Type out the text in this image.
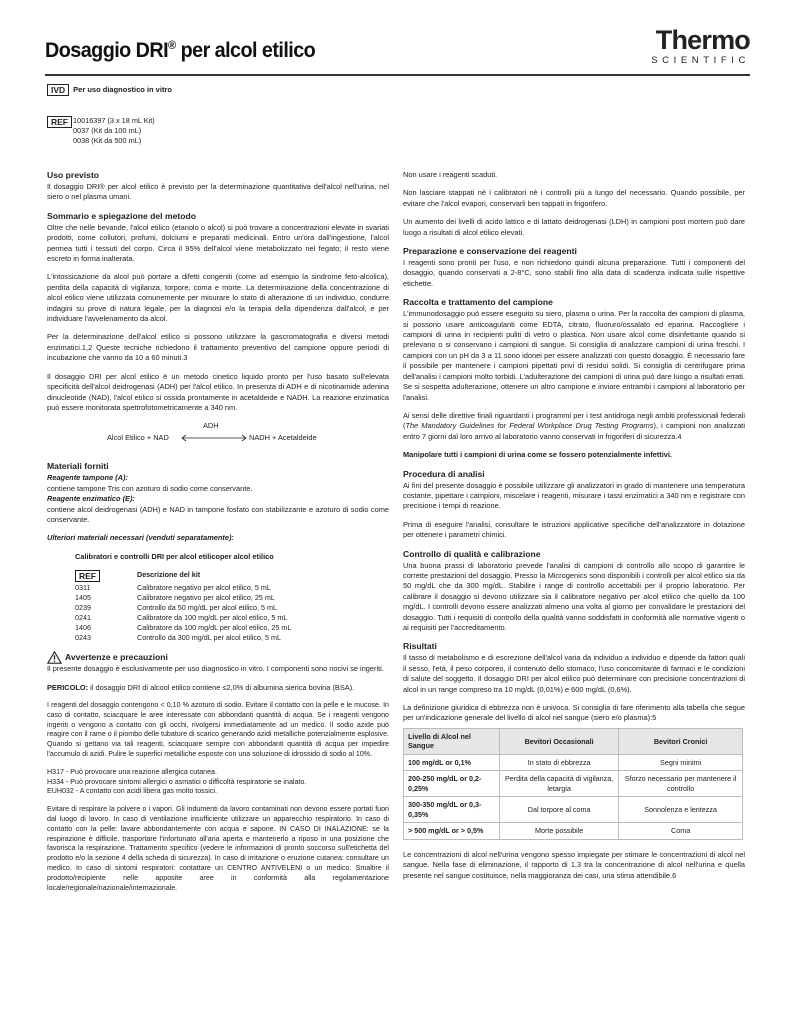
Dosaggio DRI® per alcol etilico	Thermo
SCIENTIFIC
IVD Per uso diagnostico in vitro
REF 10016397 (3 x 18 mL Kit)
0037 (Kit da 100 mL)
0038 (Kit da 500 mL)
Uso previsto

Il dosaggio DRI® per alcol etilico è previsto per la determinazione quantitativa dell'alcol nell'urina, nel siero o nel plasma umani.

Sommario e spiegazione del metodo

Oltre che nelle bevande, l'alcol etilico (etanolo o alcol) si può trovare a concentrazioni elevate in svariati prodotti, come collutori, profumi, dolciumi e preparati medicinali. Entro un'ora dall'ingestione, l'alcol permea tutti i tessuti del corpo. Circa il 95% dell'alcol viene metabolizzato nel fegato; il resto viene escreto in forma inalterata.

L'intossicazione da alcol può portare a difetti congeniti (come ad esempio la sindrome feto-alcolica), perdita della capacità di vigilanza, torpore, coma e morte. La determinazione della concentrazione di alcol etilico viene utilizzata comunemente per misurare lo stato di alterazione di un individuo, condurre indagini su prove di natura legale, per la diagnosi e/o la terapia della dipendenza dall'alcol, e per individuare l'avvelenamento da alcol.

Per la determinazione dell'alcol etilico si possono utilizzare la gascromatografia e diversi metodi enzimatici.1,2 Queste tecniche richiedono il trattamento preventivo del campione oppure periodi di incubazione che vanno da 10 a 60 minuti.3

Il dosaggio DRI per alcol etilico è un metodo cinetico liquido pronto per l'uso basato sull'elevata specificità dell'alcol deidrogenasi (ADH) per l'alcol etilico. In presenza di ADH e di nicotinamide adenina dinucleotide (NAD), l'alcol etilico si ossida prontamente in acetaldeide e NADH. La reazione enzimatica può essere monitorata spettrofotometricamente a 340 nm.

ADH
Alcol Etilico + NAD	NADH + Acetaldeide
Materiali forniti
Reagente tampone (A):
contiene tampone Tris con azoturo di sodio come conservante.
Reagente enzimatico (E):

contiene alcol deidrogenasi (ADH) e NAD in tampone fosfato con stabilizzante e azoturo di sodio come conservante.

Ulteriori materiali necessari (venduti separatamente):

Calibratori e controlli DRI per alcol etilicoper alcol etilico

REF	Descrizione del kit
0311	Calibratore negativo per alcol etilico, 5 mL
1405	Calibratore negativo per alcol etilico, 25 mL
0239	Controllo da 50 mg/dL per alcol etilico, 5 mL
0241	Calibratore da 100 mg/dL per alcol etilico, 5 mL
1406	Calibratore da 100 mg/dL per alcol etilico, 25 mL
0243	Controllo da 300 mg/dL per alcol etilico, 5 mL
Avvertenze e precauzioni

Il presente dosaggio è esclusivamente per uso diagnostico in vitro. I componenti sono nocivi se ingeriti.

PERICOLO: il dosaggio DRI di alcool etilico contiene ≤2,0% di albumina sierica bovina (BSA).

I reagenti del dosaggio contengono < 0,10 % azoturo di sodio. Evitare il contatto con la pelle e le mucose. In caso di contatto, sciacquare le aree interessate con abbondanti quantità di acqua. Se i reagenti vengono ingeriti o vengono a contatto con gli occhi, rivolgersi immediatamente ad un medico. Il sodio azide può reagire con il rame o il piombo delle tubature di scarico generando azidi metalliche potenzialmente esplosive. Quando si gettano via tali reagenti, sciacquare sempre con abbondanti quantità di acqua per impedire l'accumulo di azidi. Pulire le superfici metalliche esposte con una soluzione di idrossido di sodio al 10%.

H317 - Può provocare una reazione allergica cutanea.
H334 - Può provocare sintomi allergici o asmatici o difficoltà respiratorie se inalato.
EUH032 - A contatto con acidi libera gas molto tossici.

Evitare di respirare la polvere o i vapori. Gli indumenti da lavoro contaminati non devono essere portati fuori dal luogo di lavoro. In caso di ventilazione insufficiente utilizzare un apparecchio respiratorio. In caso di contatto con la pelle: lavare abbondantemente con acqua e sapone. IN CASO DI INALAZIONE: se la respirazione è difficile, trasportare l'infortunato all'aria aperta e mantenerlo a riposo in una posizione che favorisca la respirazione. Trattamento specifico (vedere le informazioni di pronto soccorso sull'etichetta del prodotto e/o la sezione 4 della scheda di sicurezza). In caso di irritazione o eruzione cutanea: consultare un medico. In caso di sintomi respiratori: contattare un CENTRO ANTIVELENI o un medico. Smaltire il prodotto/recipiente nelle apposite aree in conformità alla regolamentazione locale/regionale/nazionale/internazionale.

Non usare i reagenti scaduti.

Non lasciare stappati nè i calibratori nè i controlli più a lungo del necessario. Quando possibile, per evitare che l'alcol evapori, conservarli ben tappati in frigorifero.

Un aumento dei livelli di acido lattico e di lattato deidrogenasi (LDH) in campioni post mortem può dare luogo a risultati di alcol etilico elevati.

Preparazione e conservazione dei reagenti

I reagenti sono pronti per l'uso, e non richiedono quindi alcuna preparazione. Tutti i componenti del dosaggio, quando conservati a 2-8°C, sono stabili fino alla data di scadenza indicata sulle rispettive etichette.

Raccolta e trattamento del campione

L'immunodosaggio può essere eseguito su siero, plasma o urina. Per la raccolta dei campioni di plasma, si possono usare anticoagulanti come EDTA, citrato, fluoruro/ossalato ed eparina. Raccogliere i campioni di urina in recipienti puliti di vetro o plastica. Non usare alcol come disinfettante quando si prelevano o si conservano i campioni di sangue. Si consiglia di analizzare campioni di urina freschi. I campioni con un pH da 3 a 11 sono idonei per essere analizzati con questo dosaggio. È necessario fare il possibile per mantenere i campioni pipettati privi di residui solidi. Si consiglia di centrifugare prima dell'analisi i campioni molto torbidi. L'adulterazione dei campioni di urina può dare luogo a risultati errati. Se si sospetta adulterazione, ottenere un altro campione e inviare entrambi i campioni al laboratorio per l'analisi.

Ai sensi delle direttive finali riguardanti i programmi per i test antidroga negli ambiti professionali federali (The Mandatory Guidelines for Federal Workplace Drug Testing Programs), i campioni non analizzati entro 7 giorni dal loro arrivo al laboratorio vanno conservati in frigoriferi di sicurezza.4

Manipolare tutti i campioni di urina come se fossero potenzialmente infettivi.

Procedura di analisi

Ai fini del presente dosaggio è possibile utilizzare gli analizzatori in grado di mantenere una temperatura costante, pipettare i campioni, miscelare i reagenti, misurare i tassi enzimatici a 340 nm e registrare con precisione i tempi di reazione.

Prima di eseguire l'analisi, consultare le istruzioni applicative specifiche dell'analizzatore in dotazione per ottenere i parametri chimici.

Controllo di qualità e calibrazione

Una buona prassi di laboratorio prevede l'analisi di campioni di controllo allo scopo di garantire le corrette prestazioni del dosaggio. Presso la Microgenics sono disponibili i controlli per alcol etilico sia da 50 mg/dL che da 300 mg/dL. Stabilire i range di controllo accettabili per il proprio laboratorio. Per calibrare il dosaggio si devono utilizzare sia il calibratore negativo per alcol etilico che quello da 100 mg/dL. I controlli devono essere analizzati almeno una volta al giorno per convalidare le prestazioni del dosaggio. Tutti i requisiti di controllo della qualità vanno soddisfatti in conformità alle normative vigenti o ai requisiti per l'accreditamento.

Risultati

Il tasso di metabolismo e di escrezione dell'alcol varia da individuo a individuo e dipende da fattori quali il sesso, l'età, il peso corporeo, il contenuto dello stomaco, l'uso concomitante di farmaci e le condizioni di salute del soggetto. Il dosaggio DRI per alcol etilico può determinare con precisione concentrazioni di alcol in un range compreso tra 10 mg/dL (0,01%) e 600 mg/dL (0,6%).

La definizione giuridica di ebbrezza non è univoca. Si consiglia di fare riferimento alla tabella che segue per un'indicazione generale del livello di alcol nel sangue (siero e/o plasma):5

Livello di Alcol nel Sangue	Bevitori Occasionali	Bevitori Cronici
100 mg/dL or 0,1%	In stato di ebbrezza	Segni minimi
200-250 mg/dL or 0,2-0,25%	Perdita della capacità di vigilanza, letargia	Sforzo necessario per mantenere il controllo
300-350 mg/dL or 0,3-0,35%	Dal torpore al coma	Sonnolenza e lentezza
> 500 mg/dL or > 0,5%	Morte possibile	Coma

Le concentrazioni di alcol nell'urina vengono spesso impiegate per stimare le concentrazioni di alcol nel sangue. Nella fase di eliminazione, il rapporto di 1,3 tra la concentrazione di alcol nell'urina e quella presente nel sangue costituisce, nella maggioranza dei casi, una stima attendibile.6
